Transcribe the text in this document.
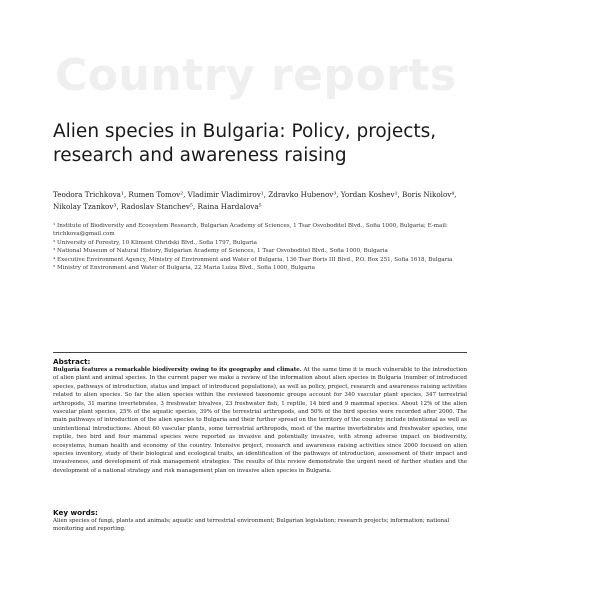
Country reports
Alien species in Bulgaria: Policy, projects,
research and awareness raising
Teodora Trichkova¹, Rumen Tomov², Vladimir Vladimirov¹, Zdravko Hubenov³, Yordan Koshev¹, Boris Nikolov⁴, Nikolay Tzankov³, Radoslav Stanchev⁵, Raina Hardalova⁵
¹ Institute of Biodiversity and Ecosystem Research, Bulgarian Academy of Sciences, 1 Tsar Osvoboditel Blvd., Sofia 1000, Bulgaria; E-mail: trichkova@gmail.com
² University of Forestry, 10 Kliment Ohridski Blvd., Sofia 1797, Bulgaria
³ National Museum of Natural History, Bulgarian Academy of Sciences, 1 Tsar Osvoboditel Blvd., Sofia 1000, Bulgaria
⁴ Executive Environment Agency, Ministry of Environment and Water of Bulgaria, 136 Tsar Boris III Blvd., P.O. Box 251, Sofia 1618, Bulgaria
⁵ Ministry of Environment and Water of Bulgaria, 22 Maria Luiza Blvd., Sofia 1000, Bulgaria
Abstract:
Bulgaria features a remarkable biodiversity owing to its geography and climate. At the same time it is much vulnerable to the introduction of alien plant and animal species. In the current paper we make a review of the information about alien species in Bulgaria (number of introduced species, pathways of introduction, status and impact of introduced populations), as well as policy, project, research and awareness raising activities related to alien species. So far the alien species within the reviewed taxonomic groups account for 340 vascular plant species, 347 terrestrial arthropods, 31 marine invertebrates, 3 freshwater bivalves, 23 freshwater fish, 1 reptile, 14 bird and 9 mammal species. About 12% of the alien vascular plant species, 25% of the aquatic species, 39% of the terrestrial arthropods, and 50% of the bird species were recorded after 2000. The main pathways of introduction of the alien species to Bulgaria and their further spread on the territory of the country include intentional as well as unintentional introductions. About 60 vascular plants, some terrestrial arthropods, most of the marine invertebrates and freshwater species, one reptile, two bird and four mammal species were reported as invasive and potentially invasive, with strong adverse impact on biodiversity, ecosystems, human health and economy of the country. Intensive project, research and awareness raising activities since 2000 focused on alien species inventory, study of their biological and ecological traits, an identification of the pathways of introduction, assessment of their impact and invasiveness, and development of risk management strategies. The results of this review demonstrate the urgent need of further studies and the development of a national strategy and risk management plan on invasive alien species in Bulgaria.
Key words:
Alien species of fungi, plants and animals; aquatic and terrestrial environment; Bulgarian legislation; research projects; information; national monitoring and reporting.
